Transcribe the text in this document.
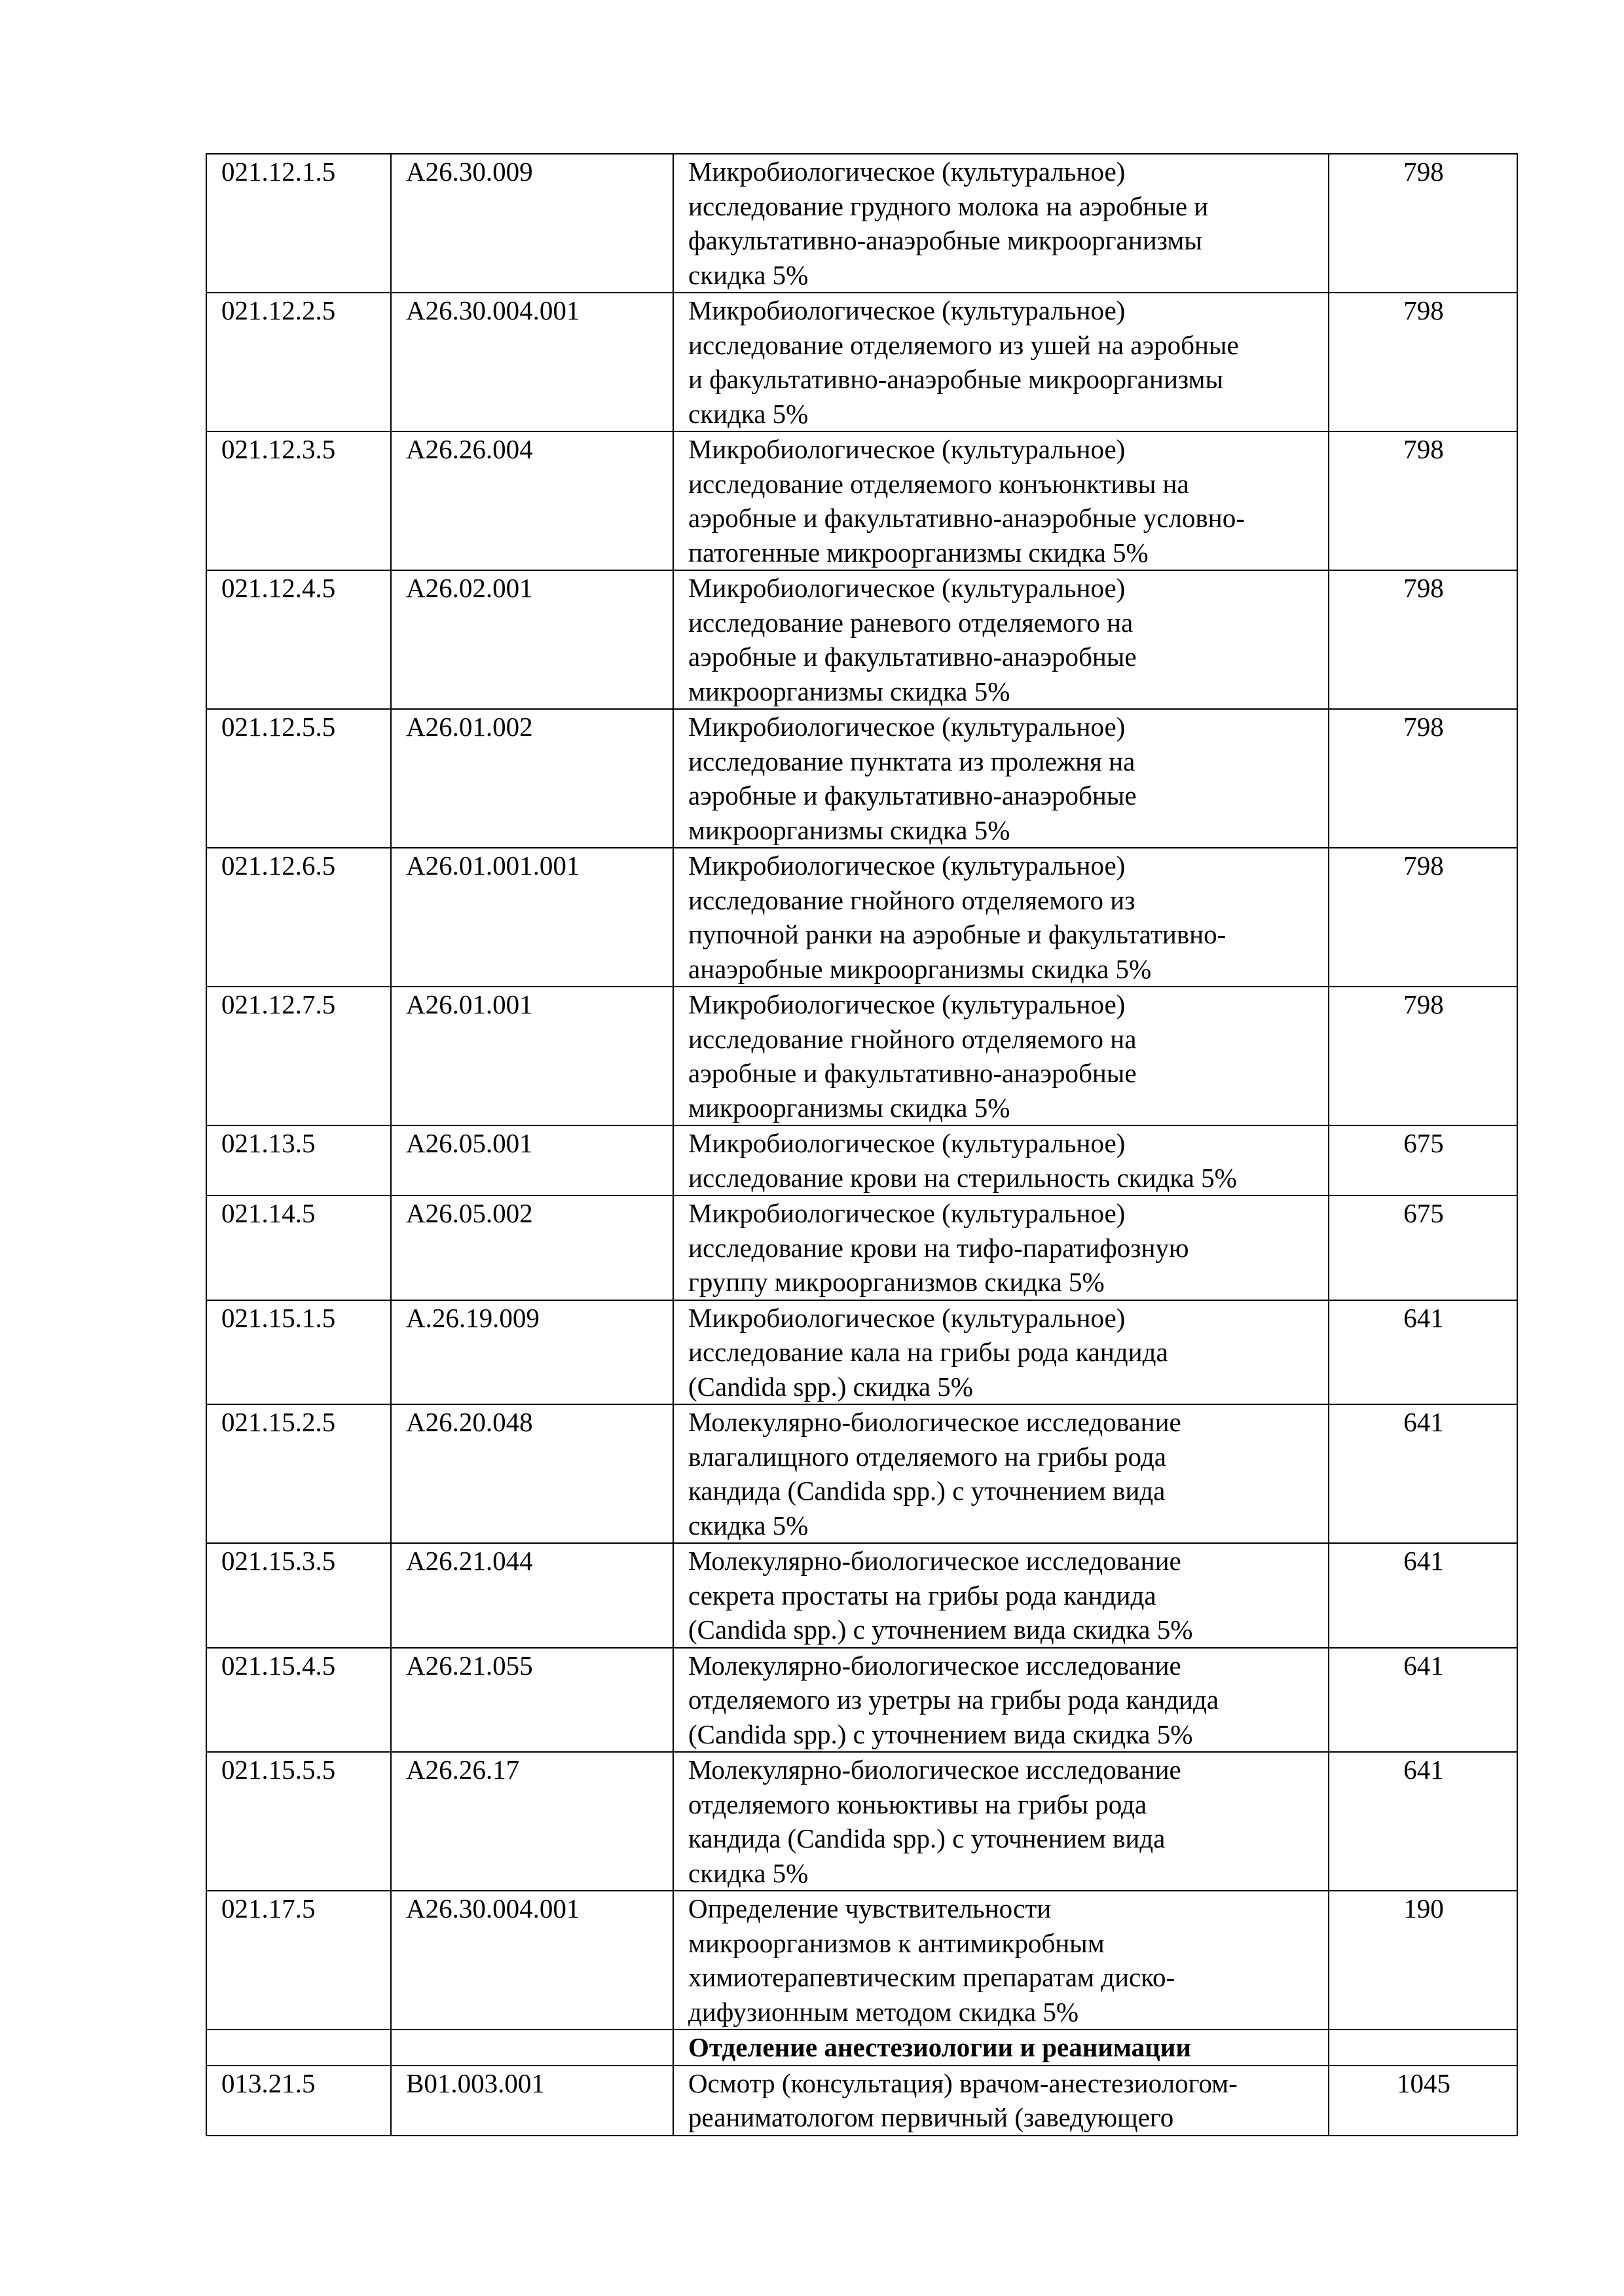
021.12.1.5	A26.30.009	Микробиологическое (культуральное)
исследование грудного молока на аэробные и
факультативно-анаэробные микроорганизмы
скидка 5%	798
021.12.2.5	A26.30.004.001	Микробиологическое (культуральное)
исследование отделяемого из ушей на аэробные
и факультативно-анаэробные микроорганизмы
скидка 5%	798
021.12.3.5	A26.26.004	Микробиологическое (культуральное)
исследование отделяемого конъюнктивы на
аэробные и факультативно-анаэробные условно-
патогенные микроорганизмы скидка 5%	798
021.12.4.5	A26.02.001	Микробиологическое (культуральное)
исследование раневого отделяемого на
аэробные и факультативно-анаэробные
микроорганизмы скидка 5%	798
021.12.5.5	A26.01.002	Микробиологическое (культуральное)
исследование пунктата из пролежня на
аэробные и факультативно-анаэробные
микроорганизмы скидка 5%	798
021.12.6.5	A26.01.001.001	Микробиологическое (культуральное)
исследование гнойного отделяемого из
пупочной ранки на аэробные и факультативно-
анаэробные микроорганизмы скидка 5%	798
021.12.7.5	A26.01.001	Микробиологическое (культуральное)
исследование гнойного отделяемого на
аэробные и факультативно-анаэробные
микроорганизмы скидка 5%	798
021.13.5	A26.05.001	Микробиологическое (культуральное)
исследование крови на стерильность скидка 5%	675
021.14.5	A26.05.002	Микробиологическое (культуральное)
исследование крови на тифо-паратифозную
группу микроорганизмов скидка 5%	675
021.15.1.5	A.26.19.009	Микробиологическое (культуральное)
исследование кала на грибы рода кандида
(Candida spp.) скидка 5%	641
021.15.2.5	A26.20.048	Молекулярно-биологическое исследование
влагалищного отделяемого на грибы рода
кандида (Candida spp.) с уточнением вида
скидка 5%	641
021.15.3.5	A26.21.044	Молекулярно-биологическое исследование
секрета простаты на грибы рода кандида
(Candida spp.) с уточнением вида скидка 5%	641
021.15.4.5	A26.21.055	Молекулярно-биологическое исследование
отделяемого из уретры на грибы рода кандида
(Candida spp.) с уточнением вида скидка 5%	641
021.15.5.5	A26.26.17	Молекулярно-биологическое исследование
отделяемого коньюктивы на грибы рода
кандида (Candida spp.) с уточнением вида
скидка 5%	641
021.17.5	A26.30.004.001	Определение чувствительности
микроорганизмов к антимикробным
химиотерапевтическим препаратам диско-
дифузионным методом скидка 5%	190
		Отделение анестезиологии и реанимации	
013.21.5	B01.003.001	Осмотр (консультация) врачом-анестезиологом-
реаниматологом первичный (заведующего	1045
